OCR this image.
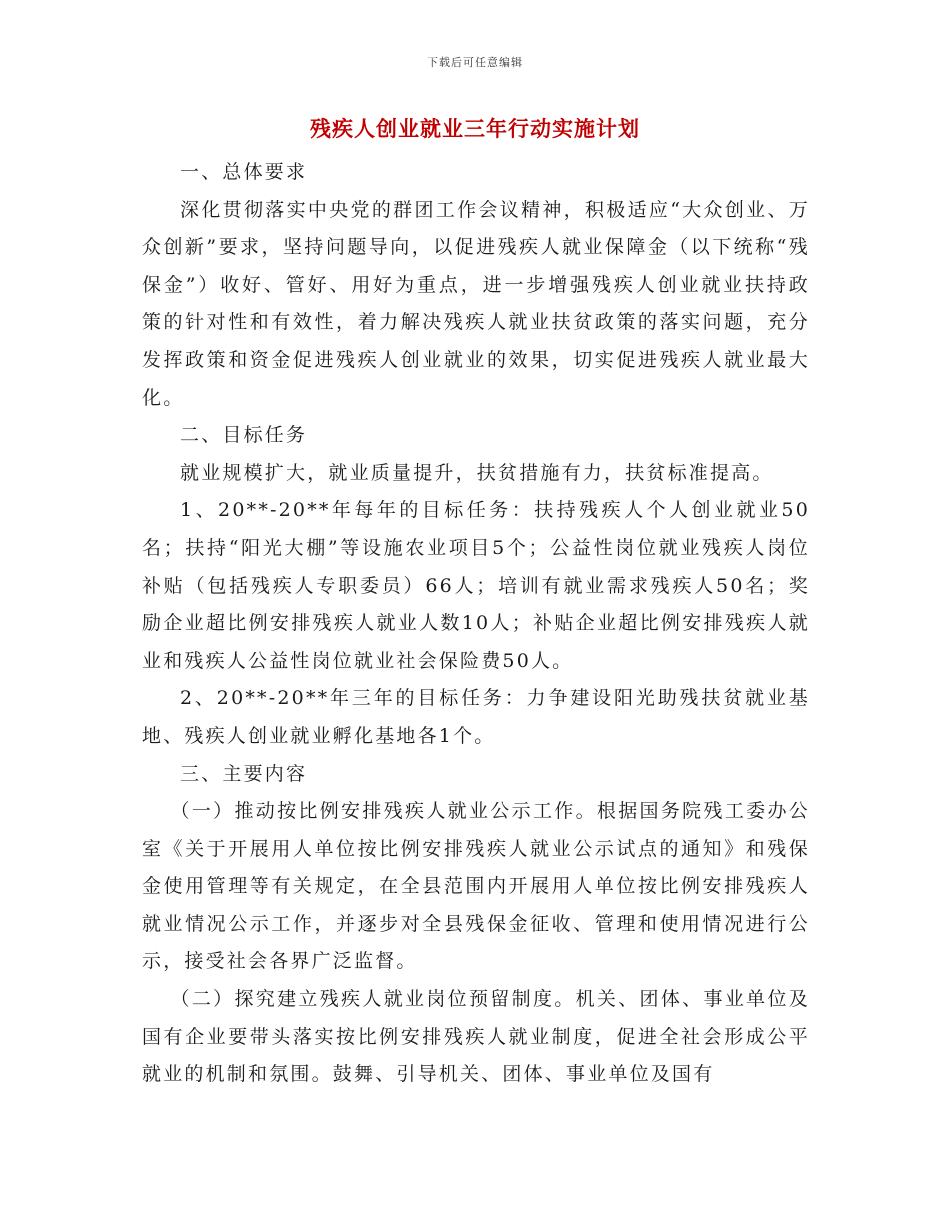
下载后可任意编辑
残疾人创业就业三年行动实施计划

一、总体要求

深化贯彻落实中央党的群团工作会议精神，积极适应“大众创业、万众创新”要求，坚持问题导向，以促进残疾人就业保障金（以下统称“残保金”）收好、管好、用好为重点，进一步增强残疾人创业就业扶持政策的针对性和有效性，着力解决残疾人就业扶贫政策的落实问题，充分发挥政策和资金促进残疾人创业就业的效果，切实促进残疾人就业最大化。

二、目标任务

就业规模扩大，就业质量提升，扶贫措施有力，扶贫标准提高。

1、20**-20**年每年的目标任务：扶持残疾人个人创业就业50名；扶持“阳光大棚”等设施农业项目5个；公益性岗位就业残疾人岗位补贴（包括残疾人专职委员）66人；培训有就业需求残疾人50名；奖励企业超比例安排残疾人就业人数10人；补贴企业超比例安排残疾人就业和残疾人公益性岗位就业社会保险费50人。

2、20**-20**年三年的目标任务：力争建设阳光助残扶贫就业基地、残疾人创业就业孵化基地各1个。

三、主要内容

（一）推动按比例安排残疾人就业公示工作。根据国务院残工委办公室《关于开展用人单位按比例安排残疾人就业公示试点的通知》和残保金使用管理等有关规定，在全县范围内开展用人单位按比例安排残疾人就业情况公示工作，并逐步对全县残保金征收、管理和使用情况进行公示，接受社会各界广泛监督。

（二）探究建立残疾人就业岗位预留制度。机关、团体、事业单位及国有企业要带头落实按比例安排残疾人就业制度，促进全社会形成公平就业的机制和氛围。鼓舞、引导机关、团体、事业单位及国有
